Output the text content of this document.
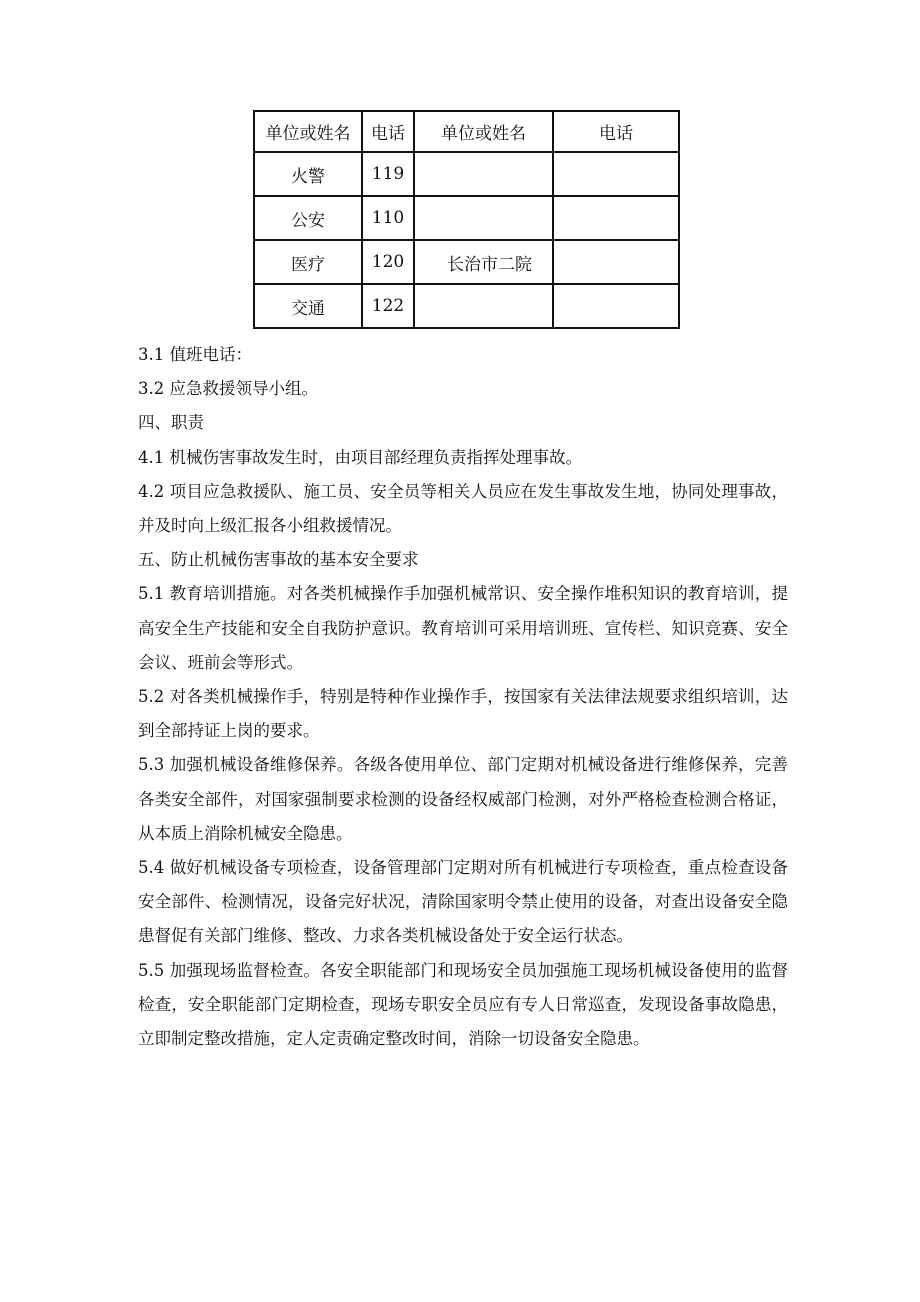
单位或姓名	电话	单位或姓名	电话
火警	119		
公安	110		
医疗	120	长治市二院	
交通	122		

3.1 值班电话：

3.2 应急救援领导小组。

四、职责

4.1 机械伤害事故发生时，由项目部经理负责指挥处理事故。

4.2 项目应急救援队、施工员、安全员等相关人员应在发生事故发生地，协同处理事故，并及时向上级汇报各小组救援情况。

五、防止机械伤害事故的基本安全要求

5.1 教育培训措施。对各类机械操作手加强机械常识、安全操作堆积知识的教育培训，提高安全生产技能和安全自我防护意识。教育培训可采用培训班、宣传栏、知识竞赛、安全会议、班前会等形式。

5.2 对各类机械操作手，特别是特种作业操作手，按国家有关法律法规要求组织培训，达到全部持证上岗的要求。

5.3 加强机械设备维修保养。各级各使用单位、部门定期对机械设备进行维修保养，完善各类安全部件，对国家强制要求检测的设备经权威部门检测，对外严格检查检测合格证，从本质上消除机械安全隐患。

5.4 做好机械设备专项检查，设备管理部门定期对所有机械进行专项检查，重点检查设备安全部件、检测情况，设备完好状况，清除国家明令禁止使用的设备，对查出设备安全隐患督促有关部门维修、整改、力求各类机械设备处于安全运行状态。

5.5 加强现场监督检查。各安全职能部门和现场安全员加强施工现场机械设备使用的监督检查，安全职能部门定期检查，现场专职安全员应有专人日常巡查，发现设备事故隐患，立即制定整改措施，定人定责确定整改时间，消除一切设备安全隐患。
